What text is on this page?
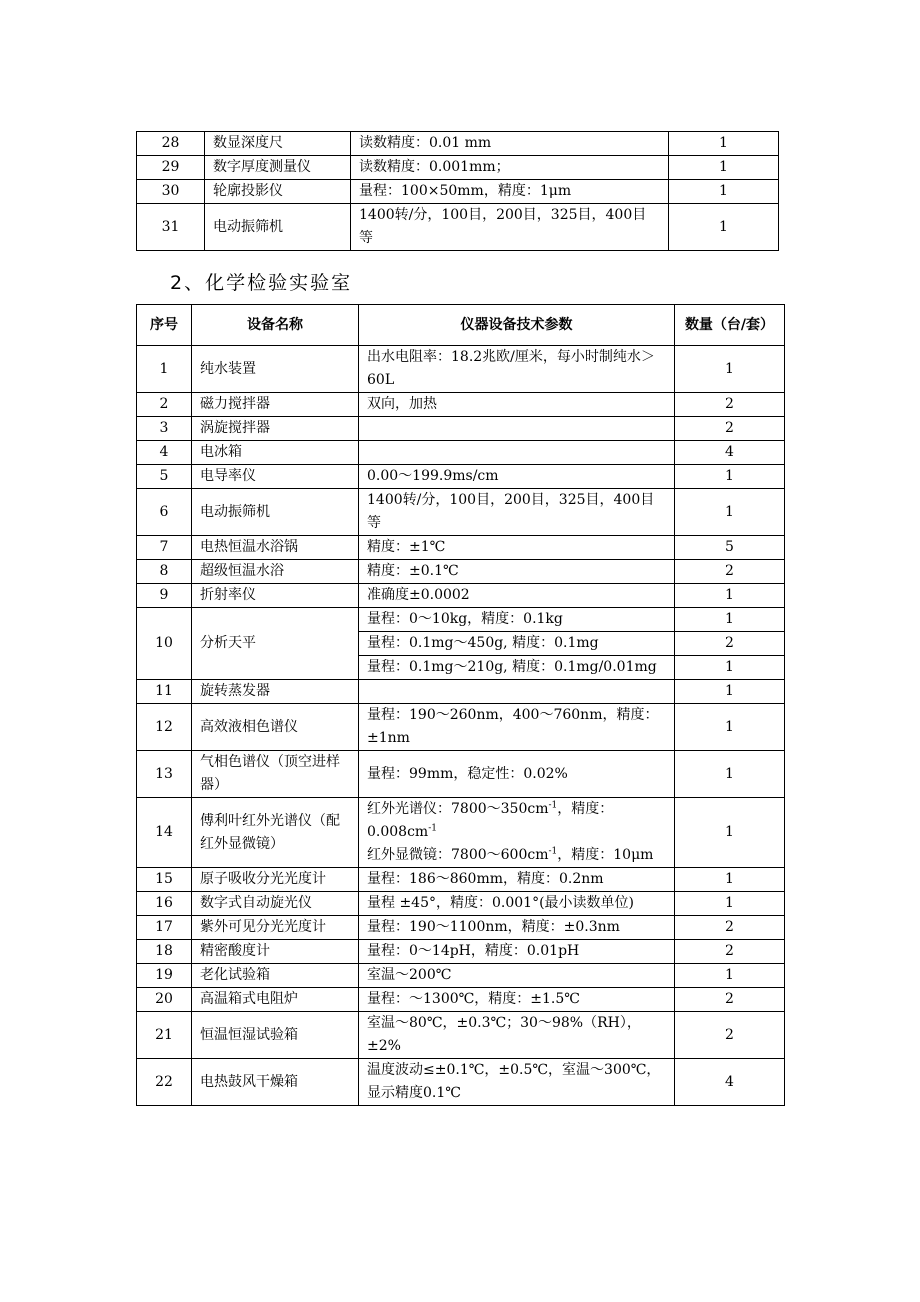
28	数显深度尺	读数精度：0.01 mm	1
29	数字厚度测量仪	读数精度：0.001mm；	1
30	轮廓投影仪	量程：100×50mm，精度：1μm	1
31	电动振筛机	1400转/分，100目，200目，325目，400目等	1
2、化学检验实验室
序号	设备名称	仪器设备技术参数	数量（台/套）
1	纯水装置	出水电阻率：18.2兆欧/厘米，每小时制纯水＞60L	1
2	磁力搅拌器	双向，加热	2
3	涡旋搅拌器		2
4	电冰箱		4
5	电导率仪	0.00～199.9ms/cm	1
6	电动振筛机	1400转/分，100目，200目，325目，400目等	1
7	电热恒温水浴锅	精度：±1℃	5
8	超级恒温水浴	精度：±0.1℃	2
9	折射率仪	准确度±0.0002	1
10	分析天平	量程：0～10kg，精度：0.1kg	1
		量程：0.1mg～450g, 精度：0.1mg	2
		量程：0.1mg～210g, 精度：0.1mg/0.01mg	1
11	旋转蒸发器		1
12	高效液相色谱仪	量程：190～260nm，400～760nm，精度：±1nm	1
13	气相色谱仪（顶空进样器）	量程：99mm，稳定性：0.02%	1
14	傅利叶红外光谱仪（配红外显微镜）	红外光谱仪：$7800\sim 350cm^{-1}$，精度：$0.008cm^{-1}$
红外显微镜：$7800\sim 600cm^{-1}$，精度：10μm	1
15	原子吸收分光光度计	量程：186～860mm，精度：0.2nm	1
16	数字式自动旋光仪	量程 ±45°，精度：0.001°(最小读数单位)	1
17	紫外可见分光光度计	量程：190～1100nm，精度：±0.3nm	2
18	精密酸度计	量程：0～14pH，精度：0.01pH	2
19	老化试验箱	室温～200℃	1
20	高温箱式电阻炉	量程：～1300℃，精度：±1.5℃	2
21	恒温恒湿试验箱	室温～80℃，±0.3℃；30～98%（RH），±2%	2
22	电热鼓风干燥箱	温度波动≤±0.1℃，±0.5℃，室温～300℃，显示精度0.1℃	4
